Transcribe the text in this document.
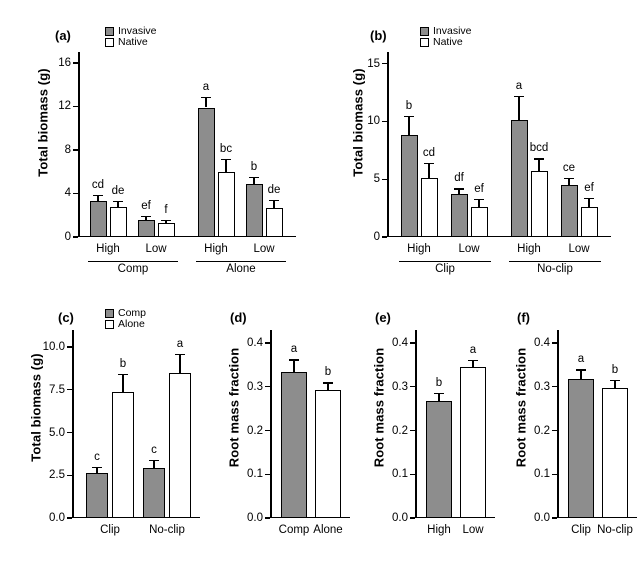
(a)	Invasive
Native
Total biomass (g)
0
4
8
12
16
cd
de
High
ef f
Low
a
bc
High
b
de
Low
Comp	Alone
(b)	Invasive
Native
Total biomass (g)
0
5
10
15
b
cd
High
df
ef
Low
a
bcd
High
ce
ef
Low
Clip	No-clip
(c)	Comp
Alone
Total biomass (g)
0.0
2.5
5.0
7.5
10.0
c
b
Clip
c
a
No-clip
(d)
Root mass fraction
0.0
0.1
0.2
0.3
0.4
a
Comp
b
Alone
(e)
Root mass fraction
0.0
0.1
0.2
0.3
0.4
b
High
a
Low
(f)
Root mass fraction
0.0
0.1
0.2
0.3
0.4
a
Clip
b
No-clip
